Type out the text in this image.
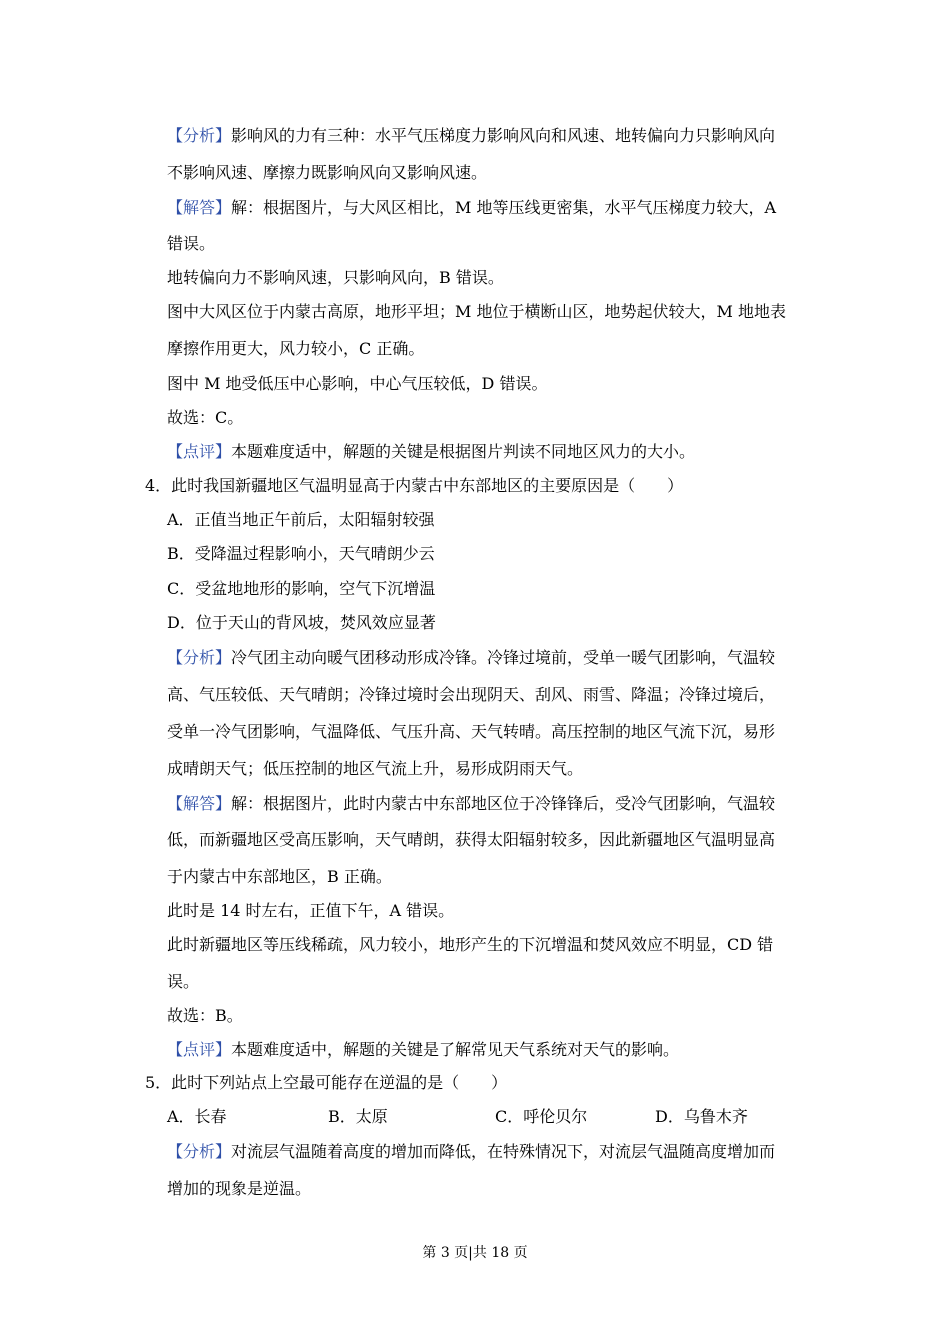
【分析】影响风的力有三种：水平气压梯度力影响风向和风速、地转偏向力只影响风向
不影响风速、摩擦力既影响风向又影响风速。
【解答】解：根据图片，与大风区相比，M 地等压线更密集，水平气压梯度力较大，A
错误。
地转偏向力不影响风速，只影响风向，B 错误。
图中大风区位于内蒙古高原，地形平坦；M 地位于横断山区，地势起伏较大，M 地地表
摩擦作用更大，风力较小，C 正确。
图中 M 地受低压中心影响，中心气压较低，D 错误。
故选：C。
【点评】本题难度适中，解题的关键是根据图片判读不同地区风力的大小。
4．此时我国新疆地区气温明显高于内蒙古中东部地区的主要原因是（　　）
A．正值当地正午前后，太阳辐射较强
B．受降温过程影响小，天气晴朗少云
C．受盆地地形的影响，空气下沉增温
D．位于天山的背风坡，焚风效应显著
【分析】冷气团主动向暖气团移动形成冷锋。冷锋过境前，受单一暖气团影响，气温较
高、气压较低、天气晴朗；冷锋过境时会出现阴天、刮风、雨雪、降温；冷锋过境后，
受单一冷气团影响，气温降低、气压升高、天气转晴。高压控制的地区气流下沉，易形
成晴朗天气；低压控制的地区气流上升，易形成阴雨天气。
【解答】解：根据图片，此时内蒙古中东部地区位于冷锋锋后，受冷气团影响，气温较
低，而新疆地区受高压影响，天气晴朗，获得太阳辐射较多，因此新疆地区气温明显高
于内蒙古中东部地区，B 正确。
此时是 14 时左右，正值下午，A 错误。
此时新疆地区等压线稀疏，风力较小，地形产生的下沉增温和焚风效应不明显，CD 错
误。
故选：B。
【点评】本题难度适中，解题的关键是了解常见天气系统对天气的影响。
5．此时下列站点上空最可能存在逆温的是（　　）
A．长春	B．太原	C．呼伦贝尔	D．乌鲁木齐
【分析】对流层气温随着高度的增加而降低，在特殊情况下，对流层气温随高度增加而
增加的现象是逆温。
第 3 页|共 18 页
